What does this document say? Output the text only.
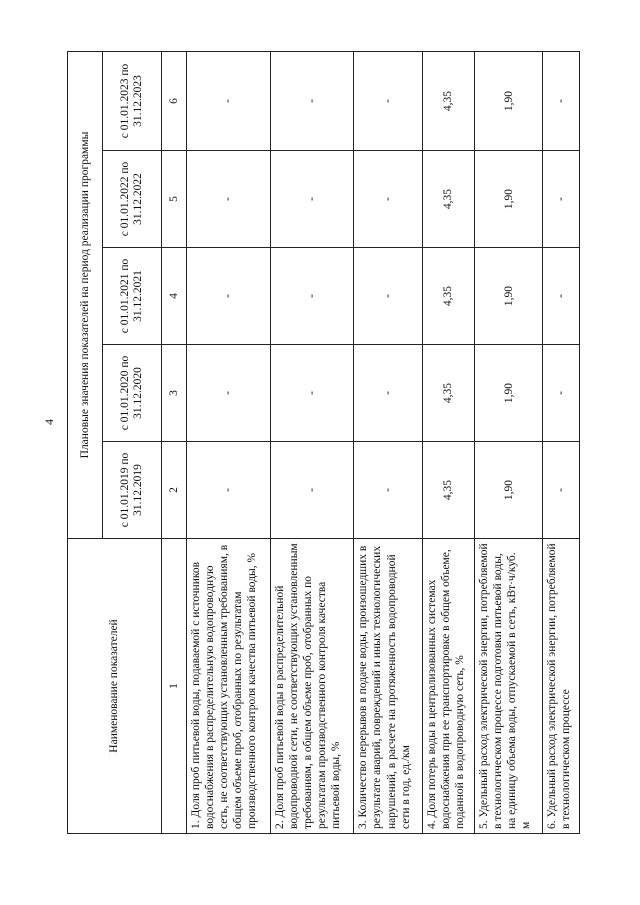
4
Наименование показателей	Плановые значения показателей на период реализации программы				
	с 01.01.2019 по 31.12.2019	с 01.01.2020 по 31.12.2020	с 01.01.2021 по 31.12.2021	с 01.01.2022 по 31.12.2022	с 01.01.2023 по 31.12.2023
1	2	3	4	5	6
1. Доля проб питьевой воды, подаваемой с источников водоснабжения в распределительную водопроводную сеть, не соответствующих установленным требованиям, в общем объеме проб, отобранных по результатам производственного контроля качества питьевой воды, %	-	-	-	-	-
2. Доля проб питьевой воды в распределительной водопроводной сети, не соответствующих установленным требованиям, в общем объеме проб, отобранных по результатам производственного контроля качества питьевой воды, %	-	-	-	-	-
3. Количество перерывов в подаче воды, произошедших в результате аварий, повреждений и иных технологических нарушений, в расчете на протяженность водопроводной сети в год, ед./км	-	-	-	-	-
4. Доля потерь воды в централизованных системах водоснабжения при ее транспортировке в общем объеме, поданной в водопроводную сеть, %	4,35	4,35	4,35	4,35	4,35
5. Удельный расход электрической энергии, потребляемой в технологическом процессе подготовки питьевой воды, на единицу объема воды, отпускаемой в сеть, кВт·ч/куб. м	1,90	1,90	1,90	1,90	1,90
6. Удельный расход электрической энергии, потребляемой в технологическом процессе	-	-	-	-	-
